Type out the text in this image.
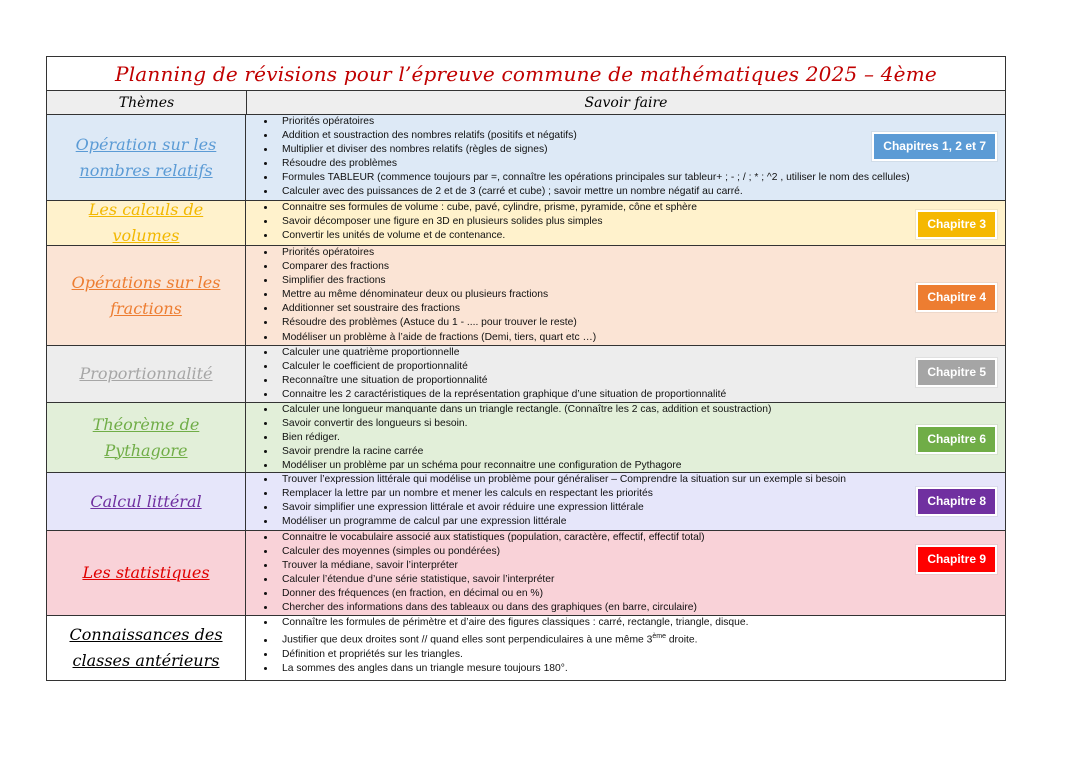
Planning de révisions pour l’épreuve commune de mathématiques 2025 – 4ème
Thèmes	Savoir faire
Opération sur les nombres relatifs
• Priorités opératoires
• Addition et soustraction des nombres relatifs (positifs et négatifs)
• Multiplier et diviser des nombres relatifs (règles de signes)
• Résoudre des problèmes
• Formules TABLEUR (commence toujours par =, connaître les opérations principales sur tableur+ ; - ; / ; * ; ^2 , utiliser le nom des cellules)
• Calculer avec des puissances de 2 et de 3 (carré et cube) ; savoir mettre un nombre négatif au carré.
Chapitres 1, 2 et 7
Les calculs de volumes
• Connaitre ses formules de volume : cube, pavé, cylindre, prisme, pyramide, cône et sphère
• Savoir décomposer une figure en 3D en plusieurs solides plus simples
• Convertir les unités de volume et de contenance.
Chapitre 3
Opérations sur les fractions
• Priorités opératoires
• Comparer des fractions
• Simplifier des fractions
• Mettre au même dénominateur deux ou plusieurs fractions
• Additionner set soustraire des fractions
• Résoudre des problèmes (Astuce du 1 - .... pour trouver le reste)
• Modéliser un problème à l’aide de fractions (Demi, tiers, quart etc …)
Chapitre 4
Proportionnalité
• Calculer une quatrième proportionnelle
• Calculer le coefficient de proportionnalité
• Reconnaître une situation de proportionnalité
• Connaitre les 2 caractéristiques de la représentation graphique d’une situation de proportionnalité
Chapitre 5
Théorème de Pythagore
• Calculer une longueur manquante dans un triangle rectangle. (Connaître les 2 cas, addition et soustraction)
• Savoir convertir des longueurs si besoin.
• Bien rédiger.
• Savoir prendre la racine carrée
• Modéliser un problème par un schéma pour reconnaitre une configuration de Pythagore
Chapitre 6
Calcul littéral
• Trouver l’expression littérale qui modélise un problème pour généraliser – Comprendre la situation sur un exemple si besoin
• Remplacer la lettre par un nombre et mener les calculs en respectant les priorités
• Savoir simplifier une expression littérale et avoir réduire une expression littérale
• Modéliser un programme de calcul par une expression littérale
Chapitre 8
Les statistiques
• Connaitre le vocabulaire associé aux statistiques (population, caractère, effectif, effectif total)
• Calculer des moyennes (simples ou pondérées)
• Trouver la médiane, savoir l’interpréter
• Calculer l’étendue d’une série statistique, savoir l’interpréter
• Donner des fréquences (en fraction, en décimal ou en %)
• Chercher des informations dans des tableaux ou dans des graphiques (en barre, circulaire)
Chapitre 9
Connaissances des classes antérieurs
• Connaître les formules de périmètre et d’aire des figures classiques : carré, rectangle, triangle, disque.
• Justifier que deux droites sont // quand elles sont perpendiculaires à une même 3ème droite.
• Définition et propriétés sur les triangles.
• La sommes des angles dans un triangle mesure toujours 180°.
